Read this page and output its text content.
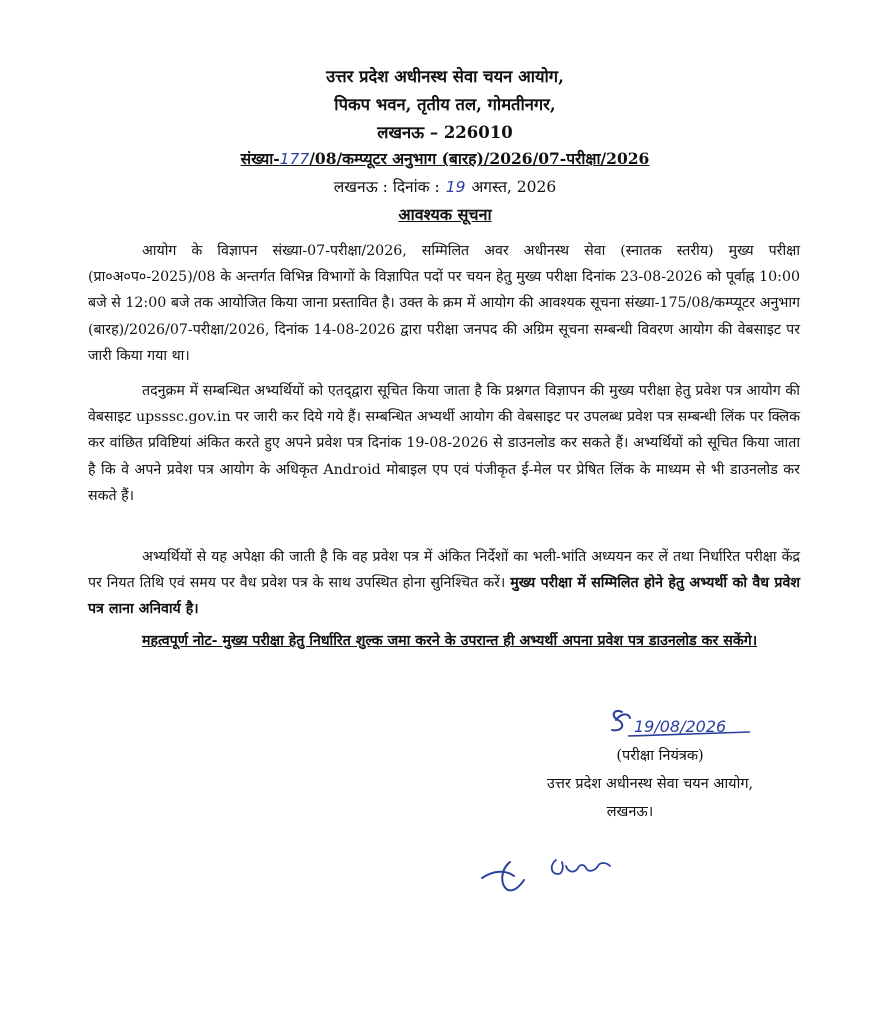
उत्तर प्रदेश अधीनस्थ सेवा चयन आयोग,
पिकप भवन, तृतीय तल, गोमतीनगर,
लखनऊ – 226010
संख्या-177/08/कम्प्यूटर अनुभाग (बारह)/2026/07-परीक्षा/2026
लखनऊ : दिनांक : 19 अगस्त, 2026
आवश्यक सूचना
आयोग के विज्ञापन संख्या-07-परीक्षा/2026, सम्मिलित अवर अधीनस्थ सेवा (स्नातक स्तरीय) मुख्य परीक्षा (प्रा०अ०प०-2025)/08 के अन्तर्गत विभिन्न विभागों के विज्ञापित पदों पर चयन हेतु मुख्य परीक्षा दिनांक 23-08-2026 को पूर्वाह्न 10:00 बजे से 12:00 बजे तक आयोजित किया जाना प्रस्तावित है। उक्त के क्रम में आयोग की आवश्यक सूचना संख्या-175/08/कम्प्यूटर अनुभाग (बारह)/2026/07-परीक्षा/2026, दिनांक 14-08-2026 द्वारा परीक्षा जनपद की अग्रिम सूचना सम्बन्धी विवरण आयोग की वेबसाइट पर जारी किया गया था।
तदनुक्रम में सम्बन्धित अभ्यर्थियों को एतद्‌द्वारा सूचित किया जाता है कि प्रश्नगत विज्ञापन की मुख्य परीक्षा हेतु प्रवेश पत्र आयोग की वेबसाइट upsssc.gov.in पर जारी कर दिये गये हैं। सम्बन्धित अभ्यर्थी आयोग की वेबसाइट पर उपलब्ध प्रवेश पत्र सम्बन्धी लिंक पर क्लिक कर वांछित प्रविष्टियां अंकित करते हुए अपने प्रवेश पत्र दिनांक 19-08-2026 से डाउनलोड कर सकते हैं। अभ्यर्थियों को सूचित किया जाता है कि वे अपने प्रवेश पत्र आयोग के अधिकृत Android मोबाइल एप एवं पंजीकृत ई-मेल पर प्रेषित लिंक के माध्यम से भी डाउनलोड कर सकते हैं।
अभ्यर्थियों से यह अपेक्षा की जाती है कि वह प्रवेश पत्र में अंकित निर्देशों का भली-भांति अध्ययन कर लें तथा निर्धारित परीक्षा केंद्र पर नियत तिथि एवं समय पर वैध प्रवेश पत्र के साथ उपस्थित होना सुनिश्चित करें। मुख्य परीक्षा में सम्मिलित होने हेतु अभ्यर्थी को वैध प्रवेश पत्र लाना अनिवार्य है।
महत्वपूर्ण नोट- मुख्य परीक्षा हेतु निर्धारित शुल्क जमा करने के उपरान्त ही अभ्यर्थी अपना प्रवेश पत्र डाउनलोड कर सकेंगे।
19/08/2026
(परीक्षा नियंत्रक)
उत्तर प्रदेश अधीनस्थ सेवा चयन आयोग,
लखनऊ।
